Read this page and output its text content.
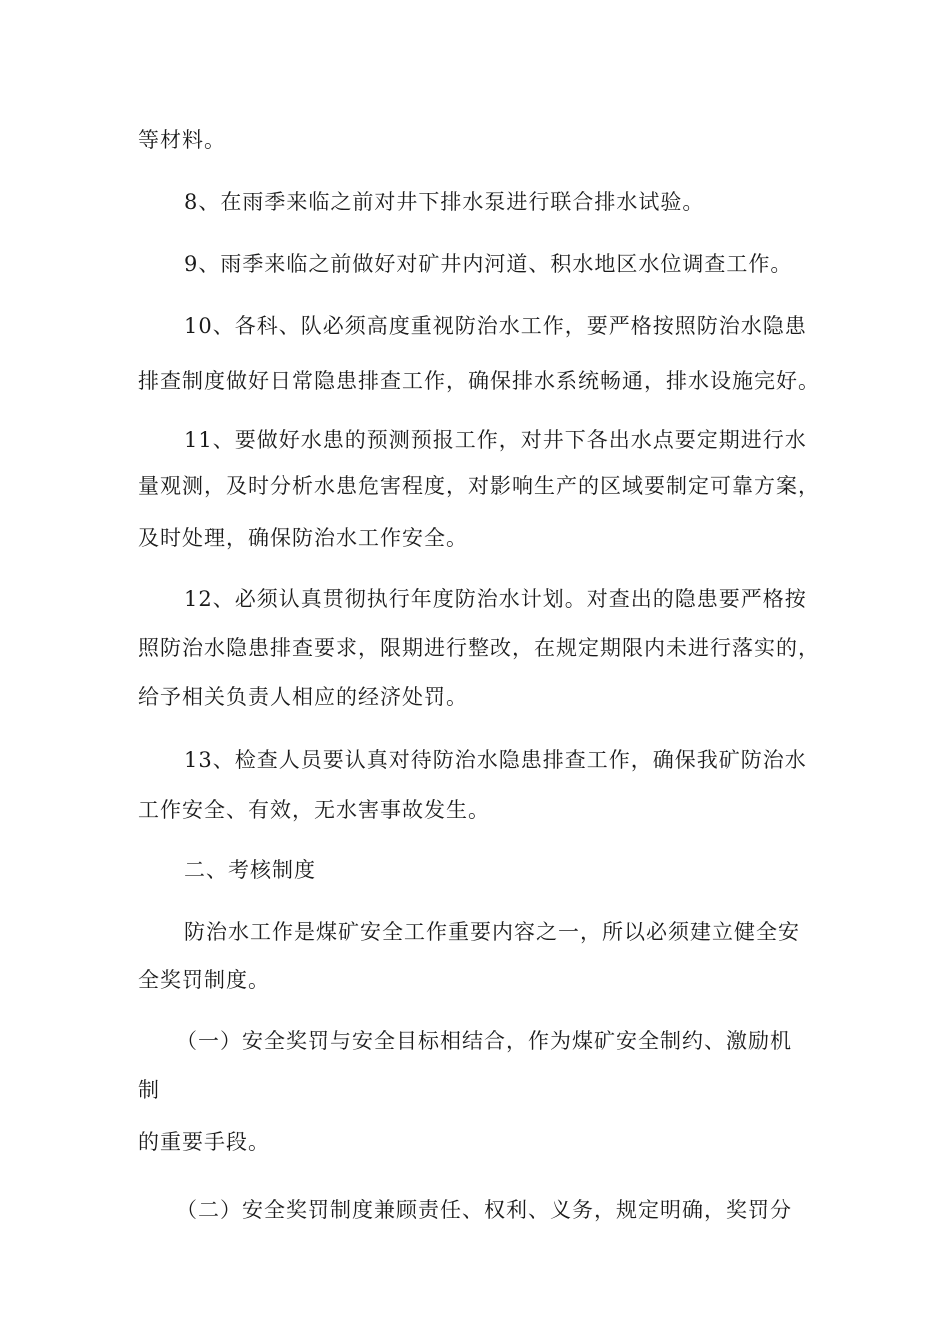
等材料。

8、在雨季来临之前对井下排水泵进行联合排水试验。

9、雨季来临之前做好对矿井内河道、积水地区水位调查工作。

10、各科、队必须高度重视防治水工作，要严格按照防治水隐患

排查制度做好日常隐患排查工作，确保排水系统畅通，排水设施完好。

11、要做好水患的预测预报工作，对井下各出水点要定期进行水

量观测，及时分析水患危害程度，对影响生产的区域要制定可靠方案，

及时处理，确保防治水工作安全。

12、必须认真贯彻执行年度防治水计划。对查出的隐患要严格按

照防治水隐患排查要求，限期进行整改，在规定期限内未进行落实的，

给予相关负责人相应的经济处罚。

13、检查人员要认真对待防治水隐患排查工作，确保我矿防治水

工作安全、有效，无水害事故发生。

二、考核制度

防治水工作是煤矿安全工作重要内容之一，所以必须建立健全安

全奖罚制度。

（一）安全奖罚与安全目标相结合，作为煤矿安全制约、激励机

制

的重要手段。

（二）安全奖罚制度兼顾责任、权利、义务，规定明确，奖罚分
